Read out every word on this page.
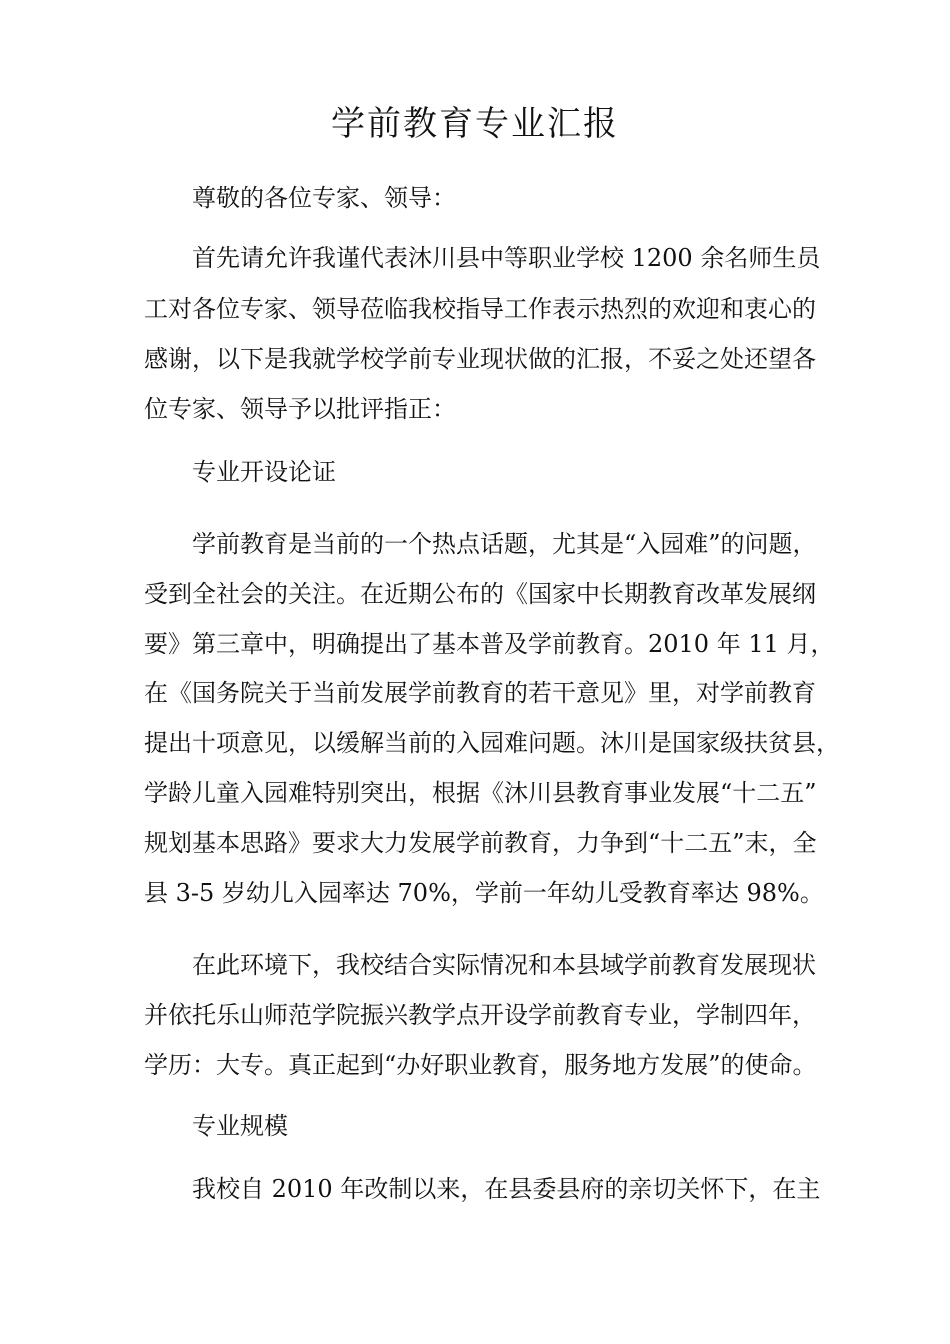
学前教育专业汇报
尊敬的各位专家、领导：
首先请允许我谨代表沐川县中等职业学校 1200 余名师生员
工对各位专家、领导莅临我校指导工作表示热烈的欢迎和衷心的
感谢，以下是我就学校学前专业现状做的汇报，不妥之处还望各
位专家、领导予以批评指正：
专业开设论证
学前教育是当前的一个热点话题，尤其是“入园难”的问题，
受到全社会的关注。在近期公布的《国家中长期教育改革发展纲
要》第三章中，明确提出了基本普及学前教育。2010 年 11 月，
在《国务院关于当前发展学前教育的若干意见》里，对学前教育
提出十项意见，以缓解当前的入园难问题。沐川是国家级扶贫县，
学龄儿童入园难特别突出，根据《沐川县教育事业发展“十二五”
规划基本思路》要求大力发展学前教育，力争到“十二五”末，全
县 3-5 岁幼儿入园率达 70%，学前一年幼儿受教育率达 98%。
在此环境下，我校结合实际情况和本县域学前教育发展现状
并依托乐山师范学院振兴教学点开设学前教育专业，学制四年，
学历：大专。真正起到“办好职业教育，服务地方发展”的使命。
专业规模
我校自 2010 年改制以来，在县委县府的亲切关怀下，在主
